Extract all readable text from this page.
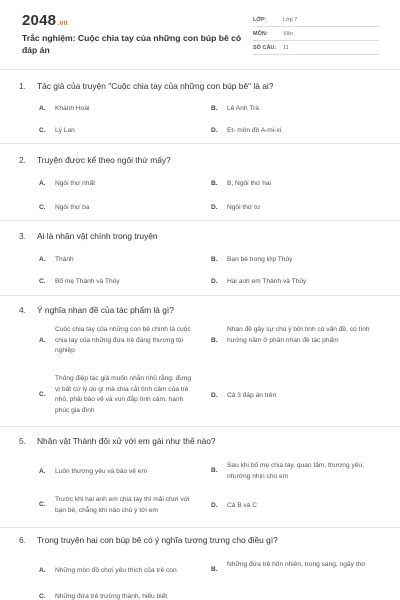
2048.vn
Trắc nghiệm: Cuộc chia tay của những con búp bê có đáp án
LỚP:	Lớp 7
MÔN:	Văn
SỐ CÂU: 11
1. Tác giả của truyện "Cuộc chia tay của những con búp bê" là ai?
A. Khánh Hoài	B. Lê Anh Trà
C. Lý Lan	D. Et- môn đô A-mi-xi
2. Truyện được kể theo ngôi thứ mấy?
A. Ngôi thứ nhất	B. B, Ngôi thứ hai
C. Ngôi thứ ba	D. Ngôi thứ tư
3. Ai là nhân vật chính trong truyện
A. Thành	B. Bạn bè trong lớp Thủy
C. Bố mẹ Thành và Thủy	D. Hai anh em Thành và Thủy
4. Ý nghĩa nhan đề của tác phẩm là gì?
A.
Cuộc chia tay của những con bê chính là cuộc chia tay của những đứa trẻ đáng thương tội nghiệp
B.
Nhan đề gây sự chú ý bởi tình có vấn đề, có tính hướng năm ở phần nhan đề tác phẩm
C.
Thông điệp tác giả muốn nhắn nhủ rằng: đừng vì bất cứ lý do gì mà chia cắt tình cảm của trẻ nhỏ, phải bảo vệ và vun đắp tình cảm, hạnh phúc gia đình
D. Cả 3 đáp án trên
5. Nhân vật Thành đối xử với em gái như thế nào?
A. Luôn thương yêu và bảo vệ em	B.
Sau khi bố mẹ chia tay, quan tâm, thương yêu, nhường nhịn cho em
C.
Trước khi hai anh em chia tay thì mải chơi với bạn bè, chẳng khi nào chú ý tới em
D. Cả B và C
6. Trong truyện hai con búp bê có ý nghĩa tượng trưng cho điều gì?
A. Những món đồ chơi yêu thích của trẻ con	B.
Những đứa trẻ hồn nhiên, trong sáng, ngây thơ
C. Những đứa trẻ trưởng thành, hiểu biết
